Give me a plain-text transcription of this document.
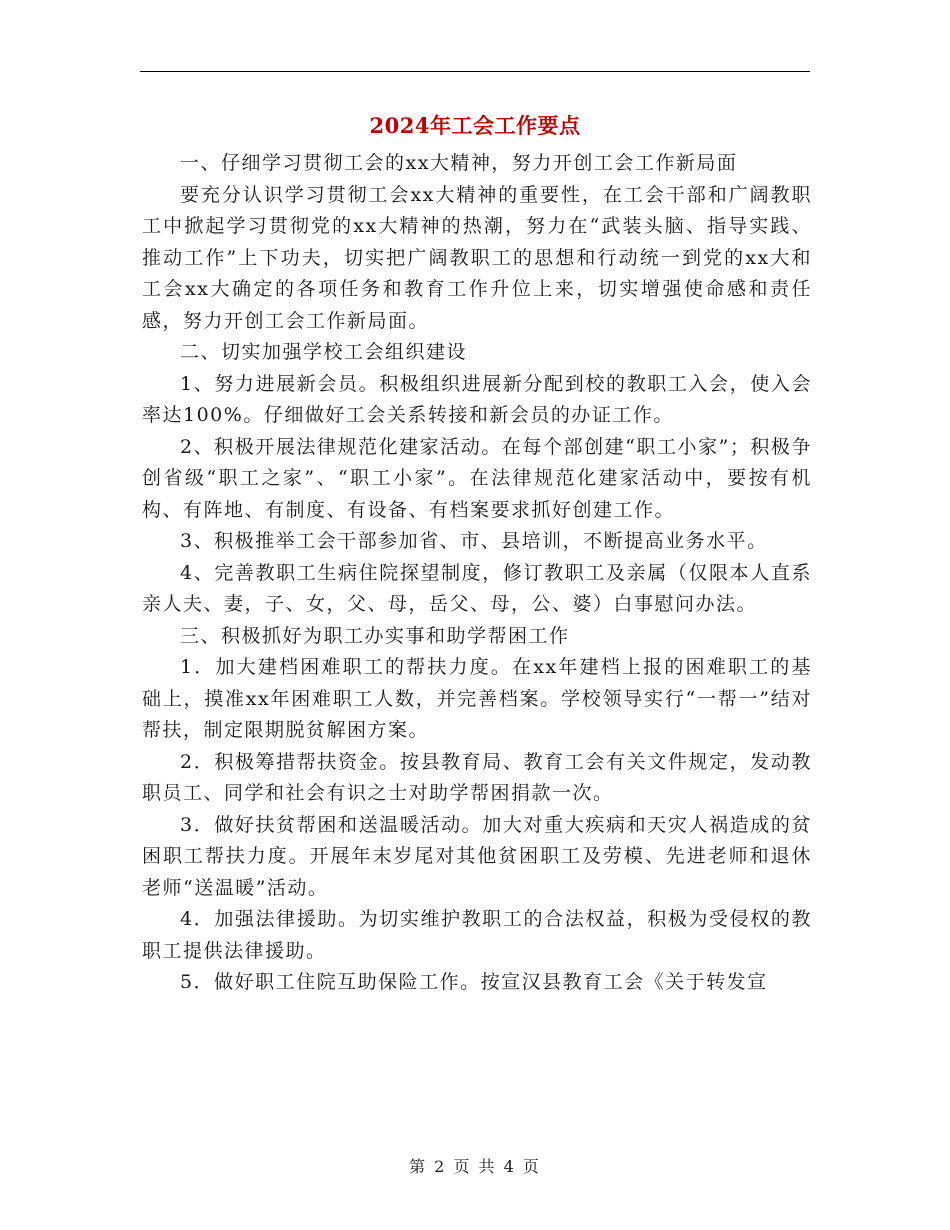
2024年工会工作要点

一、仔细学习贯彻工会的xx大精神，努力开创工会工作新局面

要充分认识学习贯彻工会xx大精神的重要性，在工会干部和广阔教职工中掀起学习贯彻党的xx大精神的热潮，努力在“武装头脑、指导实践、推动工作”上下功夫，切实把广阔教职工的思想和行动统一到党的xx大和工会xx大确定的各项任务和教育工作升位上来，切实增强使命感和责任感，努力开创工会工作新局面。

二、切实加强学校工会组织建设

1、努力进展新会员。积极组织进展新分配到校的教职工入会，使入会率达100%。仔细做好工会关系转接和新会员的办证工作。

2、积极开展法律规范化建家活动。在每个部创建“职工小家”；积极争创省级“职工之家”、“职工小家”。在法律规范化建家活动中，要按有机构、有阵地、有制度、有设备、有档案要求抓好创建工作。

3、积极推举工会干部参加省、市、县培训，不断提高业务水平。

4、完善教职工生病住院探望制度，修订教职工及亲属（仅限本人直系亲人夫、妻，子、女，父、母，岳父、母，公、婆）白事慰问办法。

三、积极抓好为职工办实事和助学帮困工作

1．加大建档困难职工的帮扶力度。在xx年建档上报的困难职工的基础上，摸准xx年困难职工人数，并完善档案。学校领导实行“一帮一”结对帮扶，制定限期脱贫解困方案。

2．积极筹措帮扶资金。按县教育局、教育工会有关文件规定，发动教职员工、同学和社会有识之士对助学帮困捐款一次。

3．做好扶贫帮困和送温暖活动。加大对重大疾病和天灾人祸造成的贫困职工帮扶力度。开展年末岁尾对其他贫困职工及劳模、先进老师和退休老师“送温暖”活动。

4．加强法律援助。为切实维护教职工的合法权益，积极为受侵权的教职工提供法律援助。

5．做好职工住院互助保险工作。按宣汉县教育工会《关于转发宣

第 2 页 共 4 页
